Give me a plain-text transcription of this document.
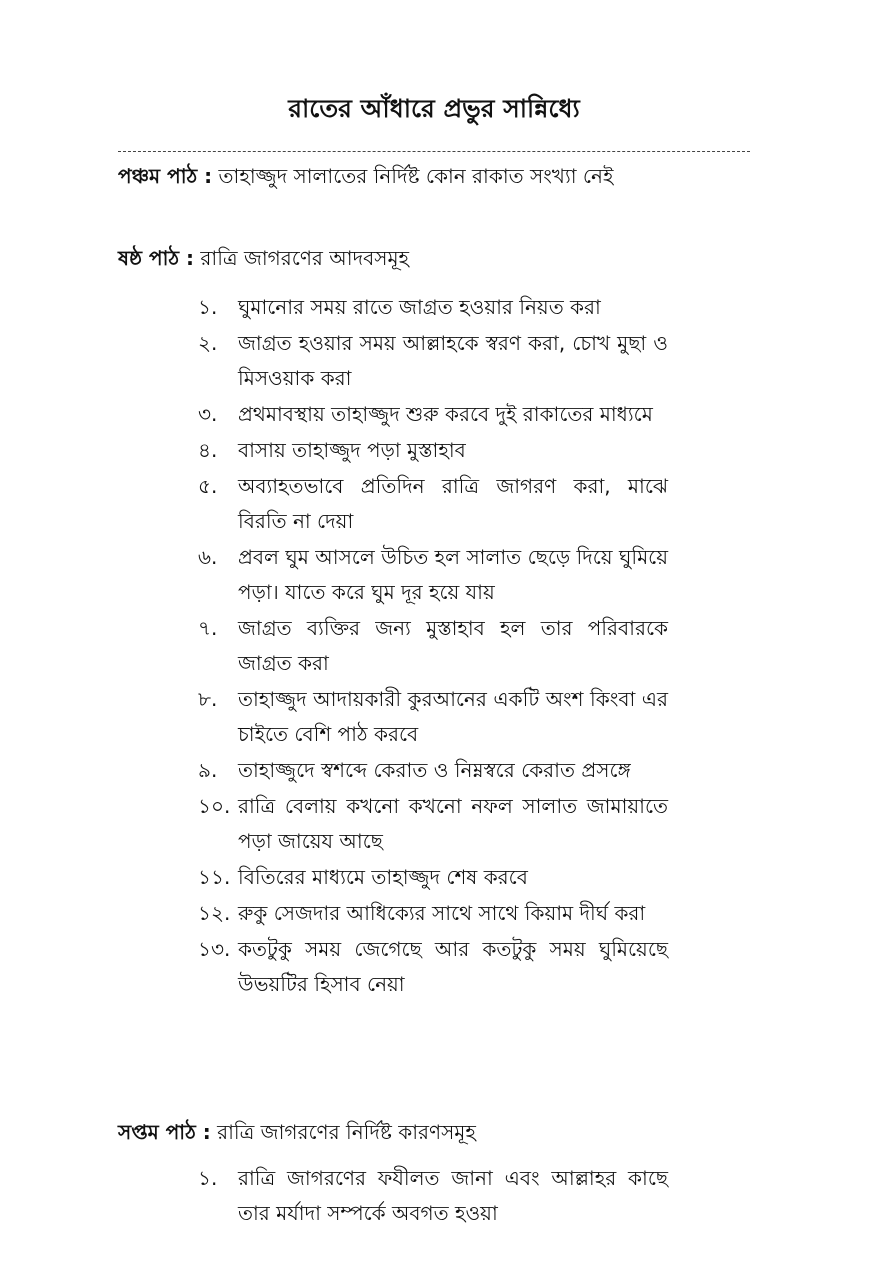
রাতের আঁধারে প্রভুর সান্নিধ্যে
পঞ্চম পাঠ : তাহাজ্জুদ সালাতের নির্দিষ্ট কোন রাকাত সংখ্যা নেই
ষষ্ঠ পাঠ : রাত্রি জাগরণের আদবসমূহ
১.	ঘুমানোর সময় রাতে জাগ্রত হওয়ার নিয়ত করা
২.	জাগ্রত হওয়ার সময় আল্লাহকে স্বরণ করা, চোখ মুছা ও মিসওয়াক করা
৩.	প্রথমাবস্থায় তাহাজ্জুদ শুরু করবে দুই রাকাতের মাধ্যমে
৪.	বাসায় তাহাজ্জুদ পড়া মুস্তাহাব
৫.	অব্যাহতভাবে প্রতিদিন রাত্রি জাগরণ করা, মাঝে বিরতি না দেয়া
৬.	প্রবল ঘুম আসলে উচিত হল সালাত ছেড়ে দিয়ে ঘুমিয়ে পড়া। যাতে করে ঘুম দূর হয়ে যায়
৭.	জাগ্রত ব্যক্তির জন্য মুস্তাহাব হল তার পরিবারকে জাগ্রত করা
৮.	তাহাজ্জুদ আদায়কারী কুরআনের একটি অংশ কিংবা এর চাইতে বেশি পাঠ করবে
৯.	তাহাজ্জুদে স্বশব্দে কেরাত ও নিম্নস্বরে কেরাত প্রসঙ্গে
১০. রাত্রি বেলায় কখনো কখনো নফল সালাত জামায়াতে পড়া জায়েয আছে
১১. বিতিরের মাধ্যমে তাহাজ্জুদ শেষ করবে
১২. রুকু সেজদার আধিক্যের সাথে সাথে কিয়াম দীর্ঘ করা
১৩. কতটুকু সময় জেগেছে আর কতটুকু সময় ঘুমিয়েছে উভয়টির হিসাব নেয়া
সপ্তম পাঠ : রাত্রি জাগরণের নির্দিষ্ট কারণসমূহ
১.	রাত্রি জাগরণের ফযীলত জানা এবং আল্লাহর কাছে তার মর্যাদা সম্পর্কে অবগত হওয়া
